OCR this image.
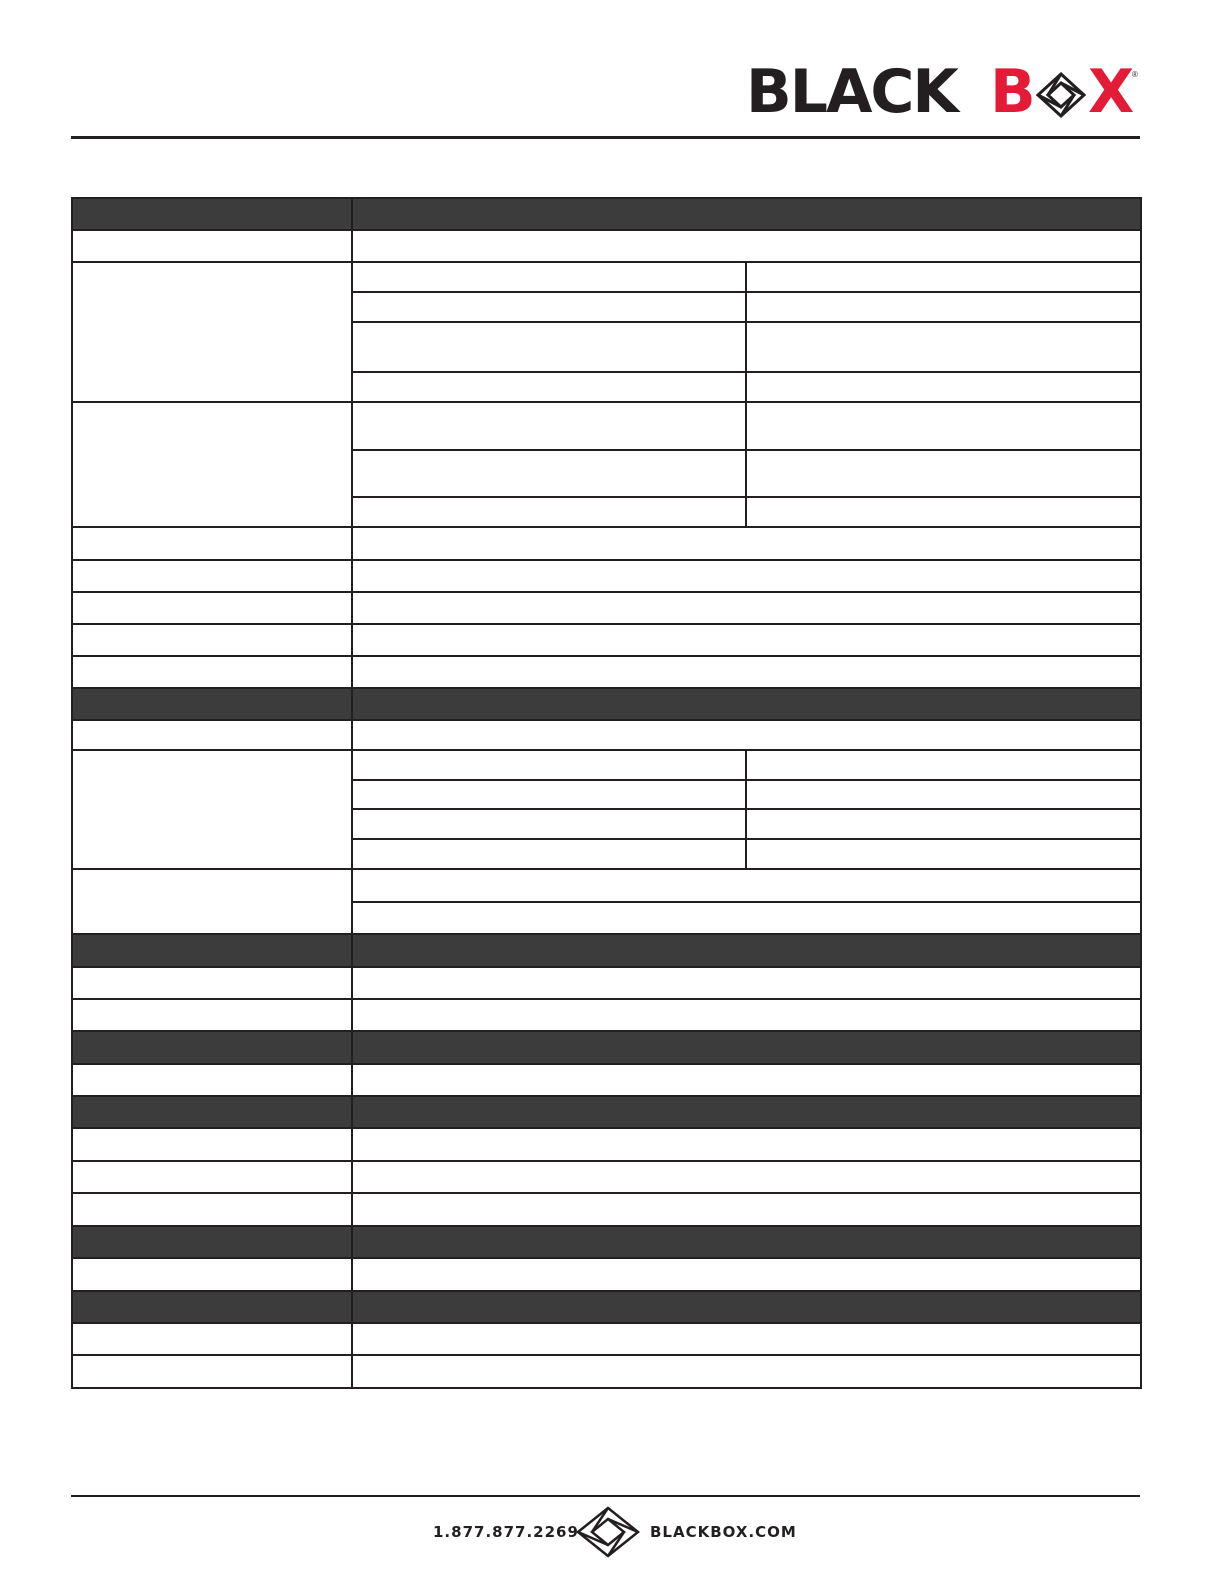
BLACK B X ®

1.877.877.2269	BLACKBOX.COM
